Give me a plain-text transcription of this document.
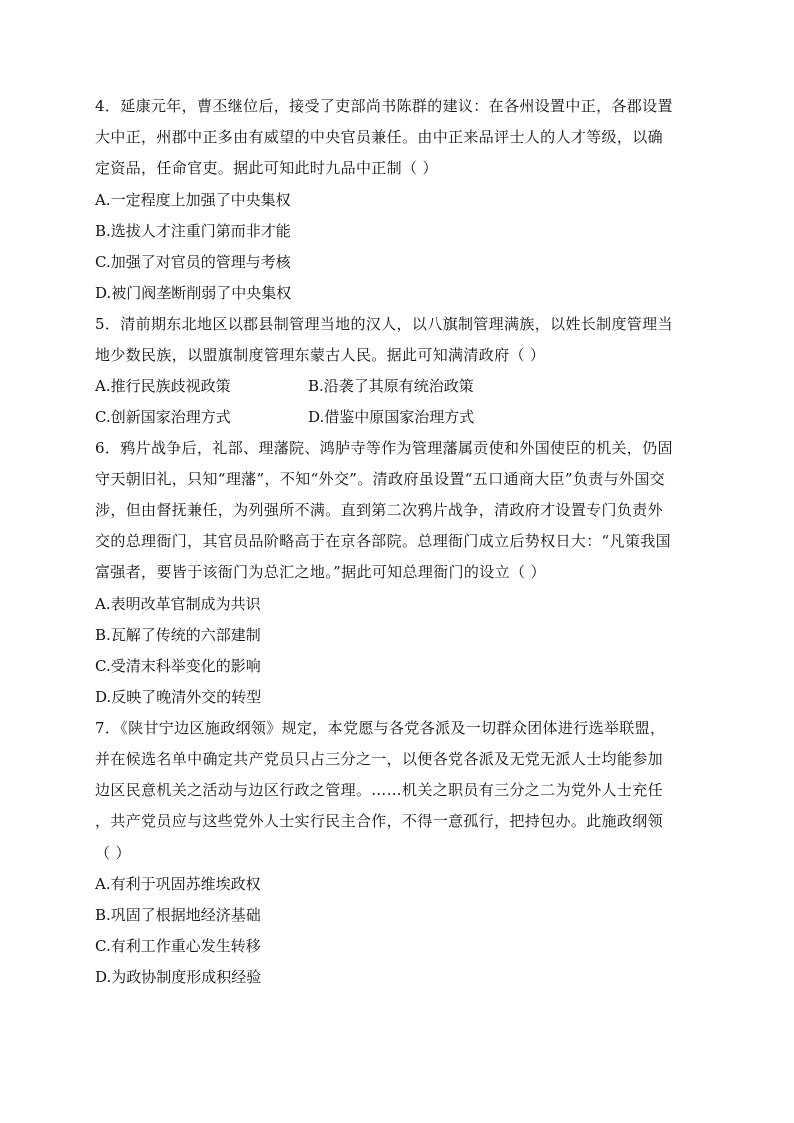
4．延康元年，曹丕继位后，接受了吏部尚书陈群的建议：在各州设置中正，各郡设置
大中正，州郡中正多由有威望的中央官员兼任。由中正来品评士人的人才等级，以确
定资品，任命官吏。据此可知此时九品中正制（ ）
A.一定程度上加强了中央集权
B.选拔人才注重门第而非才能
C.加强了对官员的管理与考核
D.被门阀垄断削弱了中央集权
5．清前期东北地区以郡县制管理当地的汉人，以八旗制管理满族，以姓长制度管理当
地少数民族，以盟旗制度管理东蒙古人民。据此可知满清政府（ ）
A.推行民族歧视政策	B.沿袭了其原有统治政策
C.创新国家治理方式	D.借鉴中原国家治理方式
6．鸦片战争后，礼部、理藩院、鸿胪寺等作为管理藩属贡使和外国使臣的机关，仍固
守天朝旧礼，只知“理藩”，不知“外交”。清政府虽设置“五口通商大臣”负责与外国交
涉，但由督抚兼任，为列强所不满。直到第二次鸦片战争，清政府才设置专门负责外
交的总理衙门，其官员品阶略高于在京各部院。总理衙门成立后势权日大：“凡策我国
富强者，要皆于该衙门为总汇之地。”据此可知总理衙门的设立（ ）
A.表明改革官制成为共识
B.瓦解了传统的六部建制
C.受清末科举变化的影响
D.反映了晚清外交的转型
7．《陕甘宁边区施政纲领》规定，本党愿与各党各派及一切群众团体进行选举联盟，
并在候选名单中确定共产党员只占三分之一，以便各党各派及无党无派人士均能参加
边区民意机关之活动与边区行政之管理。……机关之职员有三分之二为党外人士充任
，共产党员应与这些党外人士实行民主合作，不得一意孤行，把持包办。此施政纲领
（ ）
A.有利于巩固苏维埃政权
B.巩固了根据地经济基础
C.有利工作重心发生转移
D.为政协制度形成积经验
